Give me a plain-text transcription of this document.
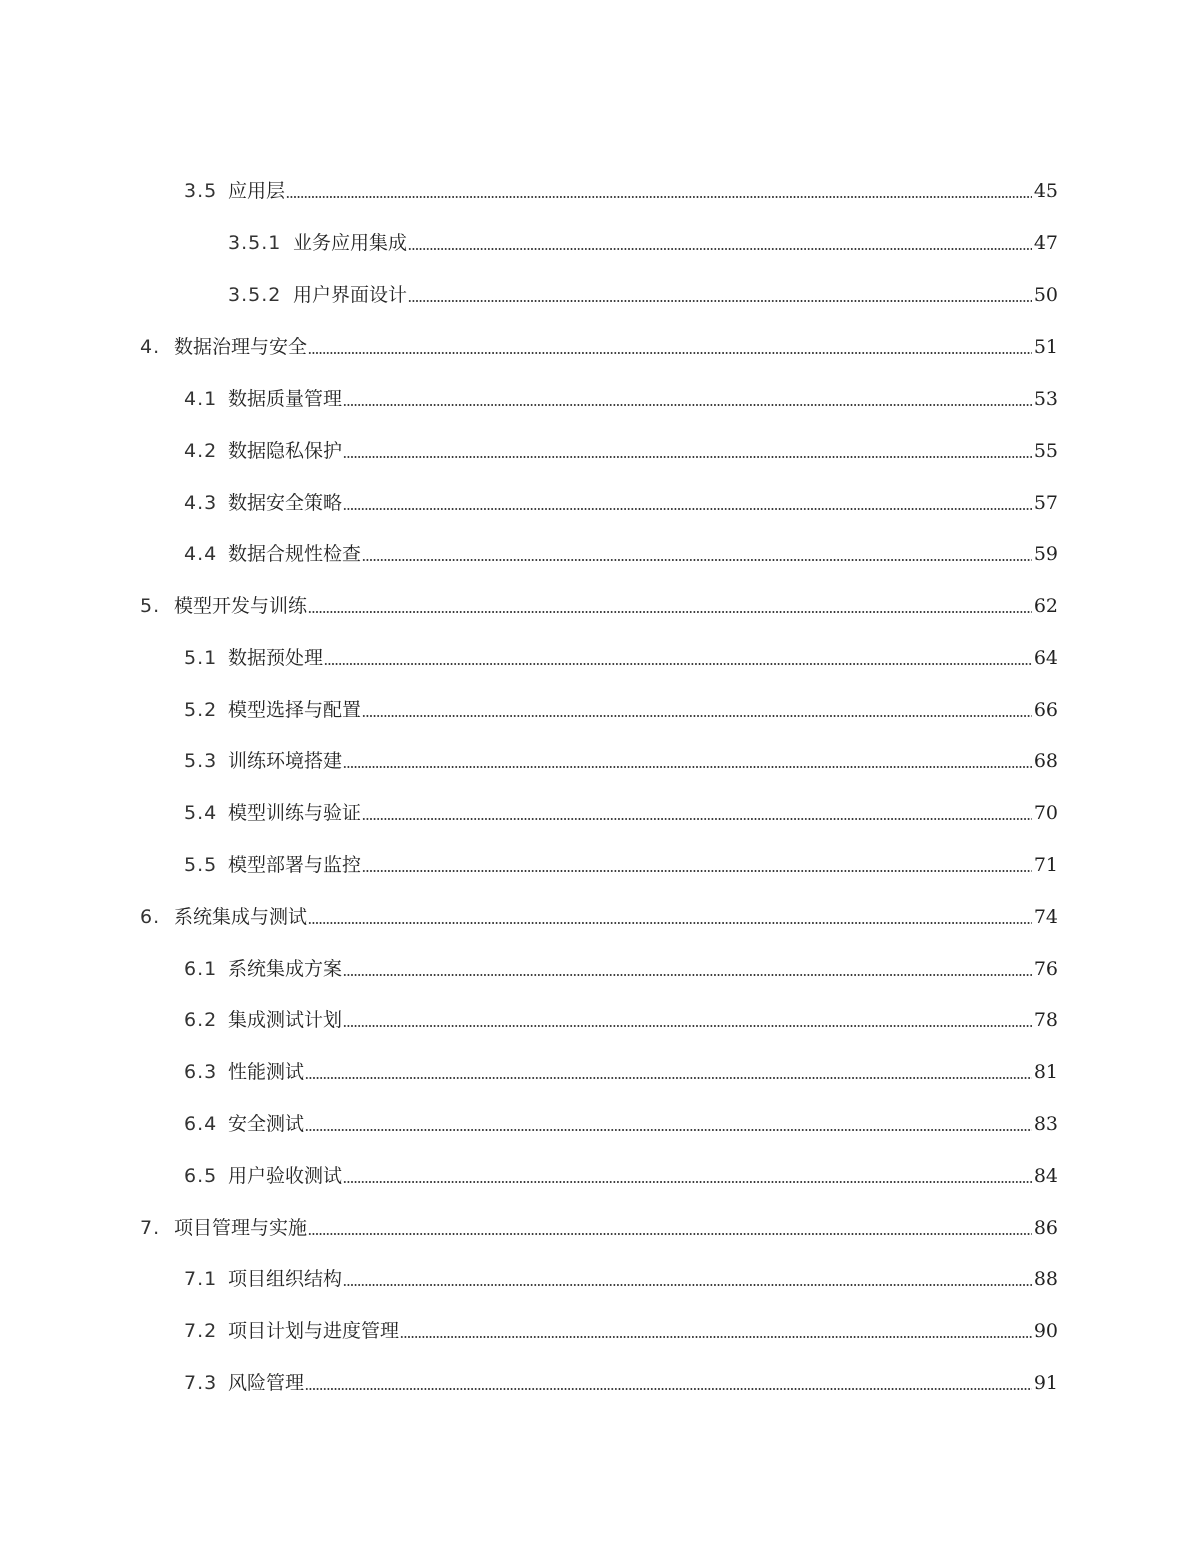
3.5 应用层	45
3.5.1 业务应用集成	47
3.5.2 用户界面设计	50
4. 数据治理与安全	51
4.1 数据质量管理	53
4.2 数据隐私保护	55
4.3 数据安全策略	57
4.4 数据合规性检查	59
5. 模型开发与训练	62
5.1 数据预处理	64
5.2 模型选择与配置	66
5.3 训练环境搭建	68
5.4 模型训练与验证	70
5.5 模型部署与监控	71
6. 系统集成与测试	74
6.1 系统集成方案	76
6.2 集成测试计划	78
6.3 性能测试	81
6.4 安全测试	83
6.5 用户验收测试	84
7. 项目管理与实施	86
7.1 项目组织结构	88
7.2 项目计划与进度管理	90
7.3 风险管理	91
